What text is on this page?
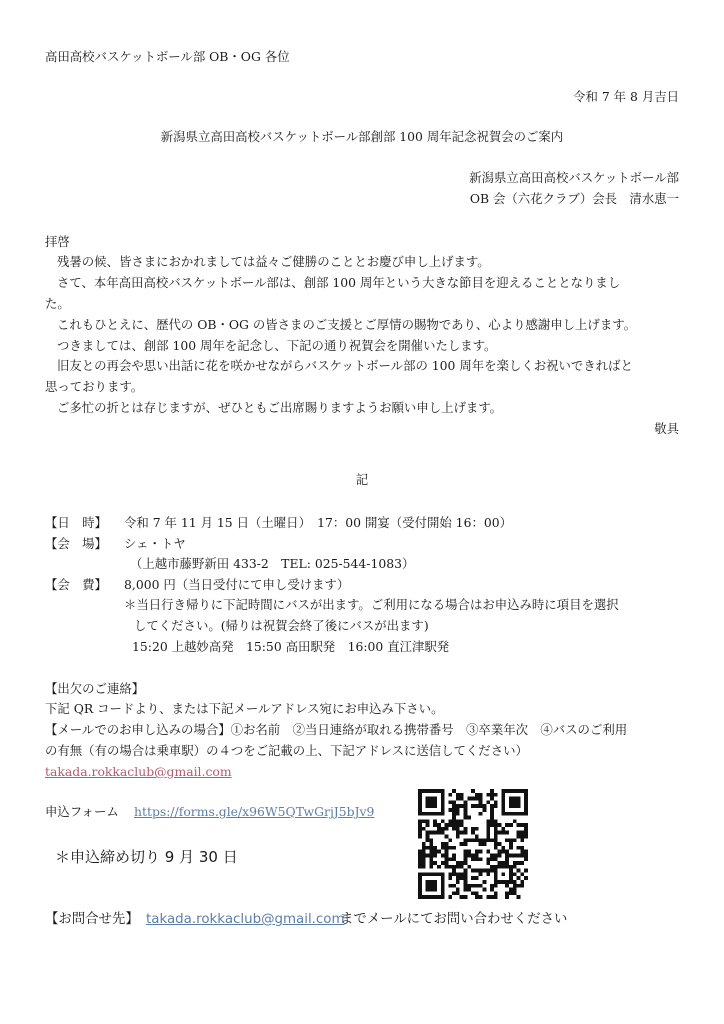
高田高校バスケットボール部 OB・OG 各位
令和 7 年 8 月吉日
新潟県立高田高校バスケットボール部創部 100 周年記念祝賀会のご案内
新潟県立高田高校バスケットボール部
OB 会（六花クラブ）会長　清水恵一
拝啓
残暑の候、皆さまにおかれましては益々ご健勝のこととお慶び申し上げます。
さて、本年高田高校バスケットボール部は、創部 100 周年という大きな節目を迎えることとなりまし
た。
これもひとえに、歴代の OB・OG の皆さまのご支援とご厚情の賜物であり、心より感謝申し上げます。
つきましては、創部 100 周年を記念し、下記の通り祝賀会を開催いたします。
旧友との再会や思い出話に花を咲かせながらバスケットボール部の 100 周年を楽しくお祝いできればと
思っております。
ご多忙の折とは存じますが、ぜひともご出席賜りますようお願い申し上げます。
敬具
記
【日　時】 令和 7 年 11 月 15 日（土曜日）　17：00 開宴（受付開始 16：00）
【会　場】 シェ・トヤ
（上越市藤野新田 433-2　TEL: 025-544-1083）
【会　費】 8,000 円（当日受付にて申し受けます）
＊当日行き帰りに下記時間にバスが出ます。ご利用になる場合はお申込み時に項目を選択
してください。(帰りは祝賀会終了後にバスが出ます)
15:20 上越妙高発　15:50 高田駅発　16:00 直江津駅発
【出欠のご連絡】
下記 QR コードより、または下記メールアドレス宛にお申込み下さい。
【メールでのお申し込みの場合】①お名前　②当日連絡が取れる携帯番号　③卒業年次　④バスのご利用
の有無（有の場合は乗車駅）の４つをご記載の上、下記アドレスに送信してください）
takada.rokkaclub@gmail.com
申込フォーム https://forms.gle/x96W5QTwGrjJ5bJv9
＊申込締め切り 9 月 30 日
【お問合せ先】 takada.rokkaclub@gmail.com
までメールにてお問い合わせください
